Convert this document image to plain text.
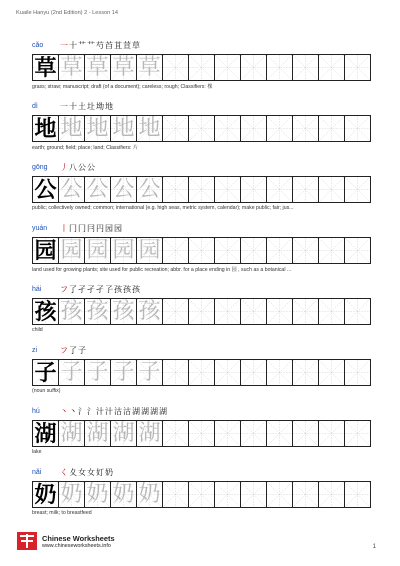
Kuaile Hanyu (2nd Edition) 2 - Lesson 14
cǎo 一 十 艹 艹 芍 苩 苴 荁 草
草 草 草 草 草
grass; straw; manuscript; draft (of a document); careless; rough; Classifiers: 棵
dì	一 十 土 圵 坳 地
地 地 地 地 地
earth; ground; field; place; land; Classifiers: 片
gōng 丿 八 公 公
公 公 公 公 公
public; collectively owned; common; international (e.g. high seas, metric system, calendar); make public; fair; jus...
yuán 丨 冂 冂 冃 円 园 园
园 园 园 园 园
land used for growing plants; site used for public recreation; abbr. for a place ending in 园 , such as a botanical ...
hái フ 了 孑 孑 孑 孒 孩 孩 孩
孩 孩 孩 孩 孩
child
zi	フ 了 子
子 子 子 子 子
(noun suffix)
hú	丶 丶 氵 氵 汁 汁 沽 沽 湖 湖 湖 湖
湖 湖 湖 湖 湖
lake
nǎi く 夊 女 女 奵 奶
奶 奶 奶 奶 奶
breast; milk; to breastfeed
Chinese Worksheets
www.chineseworksheets.info	1
